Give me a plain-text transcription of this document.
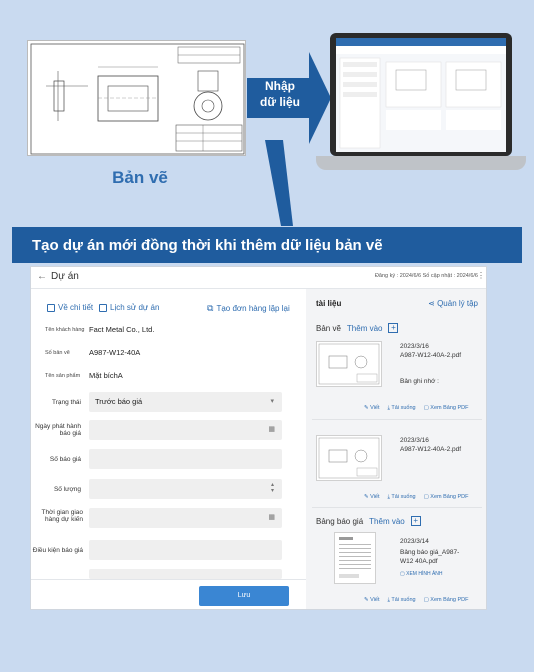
Bản vẽ
Nhập
dữ liệu
Tạo dự án mới đồng thời khi thêm dữ liệu bản vẽ
← Dự án	Đăng ký : 2024/6/6 Số cập nhật : 2024/6/6 ⋮
Về chi tiết Lịch sử dự án	⧉ Tạo đơn hàng lặp lại
Tên khách hàng Fact Metal Co., Ltd.
Số bản vẽ	A987-W12-40A
Tên sản phẩm Mặt bíchA
Trạng thái Trước báo giá	▾
Ngày phát hành báo giá
▦
Số báo giá
Số lượng
▴
▾
Thời gian giao hàng dự kiến	▦
Điều kiện báo giá
Lưu
tài liệu	⋖ Quản lý tập
Bản vẽ Thêm vào	+
2023/3/16
A987-W12-40A-2.pdf
Bản ghi nhớ :
✎ Viết ⤓ Tải xuống ▢ Xem Bảng PDF
2023/3/16
A987-W12-40A-2.pdf
✎ Viết ⤓ Tải xuống ▢ Xem Bảng PDF
Bảng báo giá Thêm vào	+
2023/3/14
Bảng báo giá_A987-
W12 40A.pdf
▢ XEM HÌNH ẢNH
✎ Viết ⤓ Tải xuống ▢ Xem Bảng PDF
